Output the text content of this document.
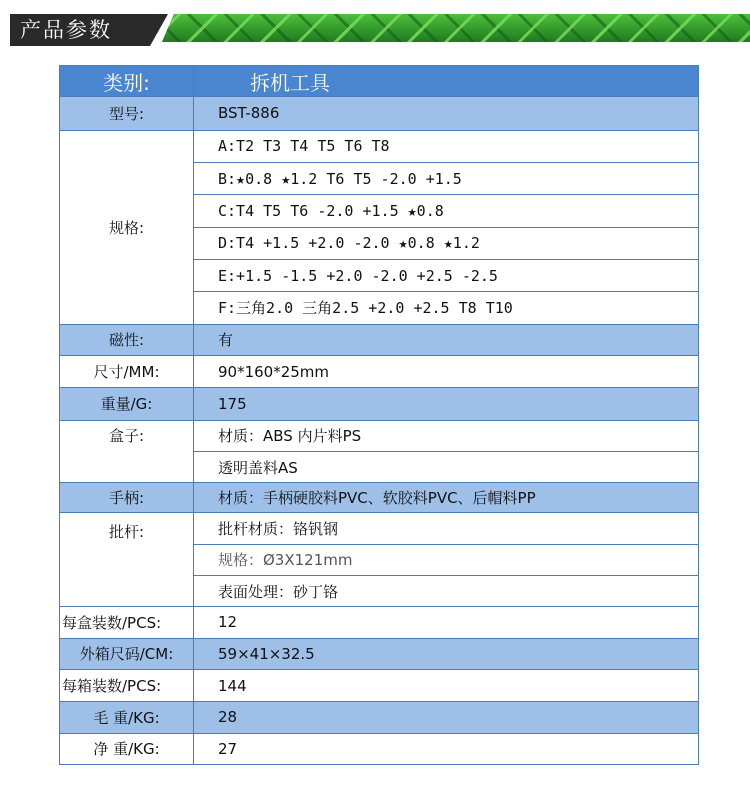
产品参数
类别:	拆机工具
型号:	BST-886
规格:	A:T2 T3 T4 T5 T6 T8
	B:★0.8 ★1.2 T6 T5 -2.0 +1.5
	C:T4 T5 T6 -2.0 +1.5 ★0.8
	D:T4 +1.5 +2.0 -2.0 ★0.8 ★1.2
	E:+1.5 -1.5 +2.0 -2.0 +2.5 -2.5
	F:三角2.0 三角2.5 +2.0 +2.5 T8 T10
磁性:	有
尺寸/MM:	90*160*25mm
重量/G:	175
盒子:	材质：ABS 内片料PS
	透明盖料AS
手柄:	材质：手柄硬胶料PVC、软胶料PVC、后帽料PP
批杆:	批杆材质：铬钒钢
	规格：Ø3X121mm
	表面处理：砂丁铬
每盒装数/PCS:	12
外箱尺码/CM:	59×41×32.5
每箱装数/PCS:	144
毛 重/KG:	28
净 重/KG:	27
